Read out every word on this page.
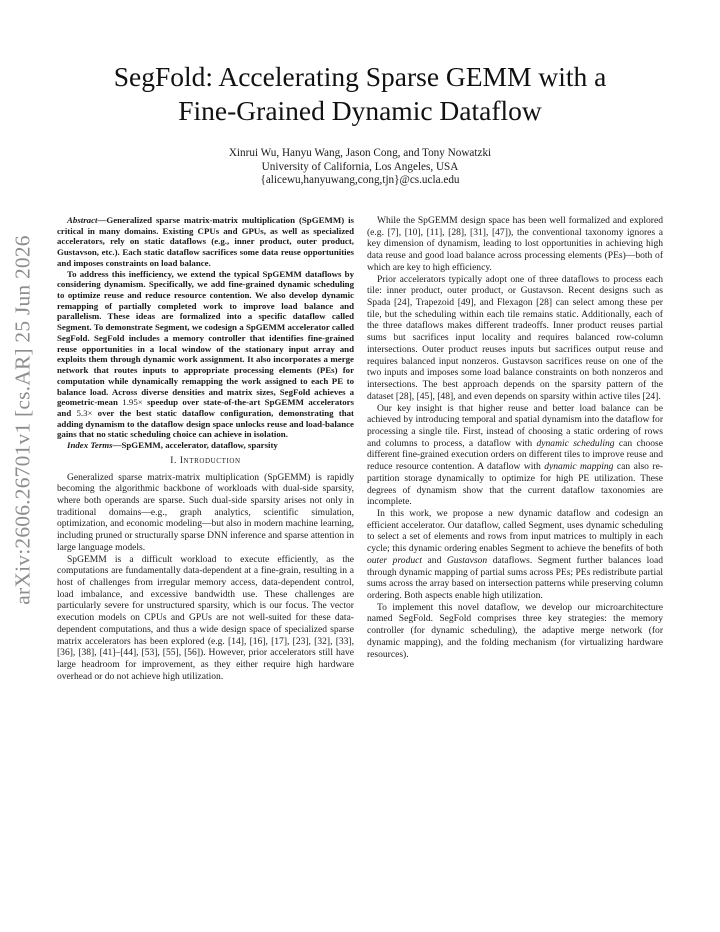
arXiv:2606.26701v1 [cs.AR] 25 Jun 2026
SegFold: Accelerating Sparse GEMM with a
Fine-Grained Dynamic Dataflow
Xinrui Wu, Hanyu Wang, Jason Cong, and Tony Nowatzki
University of California, Los Angeles, USA
{alicewu,hanyuwang,cong,tjn}@cs.ucla.edu

Abstract—Generalized sparse matrix-matrix multiplication (SpGEMM) is critical in many domains. Existing CPUs and GPUs, as well as specialized accelerators, rely on static dataflows (e.g., inner product, outer product, Gustavson, etc.). Each static dataflow sacrifices some data reuse opportunities and imposes constraints on load balance.

To address this inefficiency, we extend the typical SpGEMM dataflows by considering dynamism. Specifically, we add fine-grained dynamic scheduling to optimize reuse and reduce resource contention. We also develop dynamic remapping of partially completed work to improve load balance and parallelism. These ideas are formalized into a specific dataflow called Segment. To demonstrate Segment, we codesign a SpGEMM accelerator called SegFold. SegFold includes a memory controller that identifies fine-grained reuse opportunities in a local window of the stationary input array and exploits them through dynamic work assignment. It also incorporates a merge network that routes inputs to appropriate processing elements (PEs) for computation while dynamically remapping the work assigned to each PE to balance load. Across diverse densities and matrix sizes, SegFold achieves a geometric-mean 1.95× speedup over state-of-the-art SpGEMM accelerators and 5.3× over the best static dataflow configuration, demonstrating that adding dynamism to the dataflow design space unlocks reuse and load-balance gains that no static scheduling choice can achieve in isolation.

Index Terms—SpGEMM, accelerator, dataflow, sparsity

I. Introduction

Generalized sparse matrix-matrix multiplication (SpGEMM) is rapidly becoming the algorithmic backbone of workloads with dual-side sparsity, where both operands are sparse. Such dual-side sparsity arises not only in traditional domains—e.g., graph analytics, scientific simulation, optimization, and economic modeling—but also in modern machine learning, including pruned or structurally sparse DNN inference and sparse attention in large language models.

SpGEMM is a difficult workload to execute efficiently, as the computations are fundamentally data-dependent at a fine-grain, resulting in a host of challenges from irregular memory access, data-dependent control, load imbalance, and excessive bandwidth use. These challenges are particularly severe for unstructured sparsity, which is our focus. The vector execution models on CPUs and GPUs are not well-suited for these data-dependent computations, and thus a wide design space of specialized sparse matrix accelerators has been explored (e.g. [14], [16], [17], [23], [32], [33], [36], [38], [41]–[44], [53], [55], [56]). However, prior accelerators still have large headroom for improvement, as they either require high hardware overhead or do not achieve high utilization.

While the SpGEMM design space has been well formalized and explored (e.g. [7], [10], [11], [28], [31], [47]), the conventional taxonomy ignores a key dimension of dynamism, leading to lost opportunities in achieving high data reuse and good load balance across processing elements (PEs)—both of which are key to high efficiency.

Prior accelerators typically adopt one of three dataflows to process each tile: inner product, outer product, or Gustavson. Recent designs such as Spada [24], Trapezoid [49], and Flexagon [28] can select among these per tile, but the scheduling within each tile remains static. Additionally, each of the three dataflows makes different tradeoffs. Inner product reuses partial sums but sacrifices input locality and requires balanced row-column intersections. Outer product reuses inputs but sacrifices output reuse and requires balanced input nonzeros. Gustavson sacrifices reuse on one of the two inputs and imposes some load balance constraints on both nonzeros and intersections. The best approach depends on the sparsity pattern of the dataset [28], [45], [48], and even depends on sparsity within active tiles [24].

Our key insight is that higher reuse and better load balance can be achieved by introducing temporal and spatial dynamism into the dataflow for processing a single tile. First, instead of choosing a static ordering of rows and columns to process, a dataflow with dynamic scheduling can choose different fine-grained execution orders on different tiles to improve reuse and reduce resource contention. A dataflow with dynamic mapping can also re-partition storage dynamically to optimize for high PE utilization. These degrees of dynamism show that the current dataflow taxonomies are incomplete.

In this work, we propose a new dynamic dataflow and codesign an efficient accelerator. Our dataflow, called Segment, uses dynamic scheduling to select a set of elements and rows from input matrices to multiply in each cycle; this dynamic ordering enables Segment to achieve the benefits of both outer product and Gustavson dataflows. Segment further balances load through dynamic mapping of partial sums across PEs; PEs redistribute partial sums across the array based on intersection patterns while preserving column ordering. Both aspects enable high utilization.

To implement this novel dataflow, we develop our microarchitecture named SegFold. SegFold comprises three key strategies: the memory controller (for dynamic scheduling), the adaptive merge network (for dynamic mapping), and the folding mechanism (for virtualizing hardware resources).
